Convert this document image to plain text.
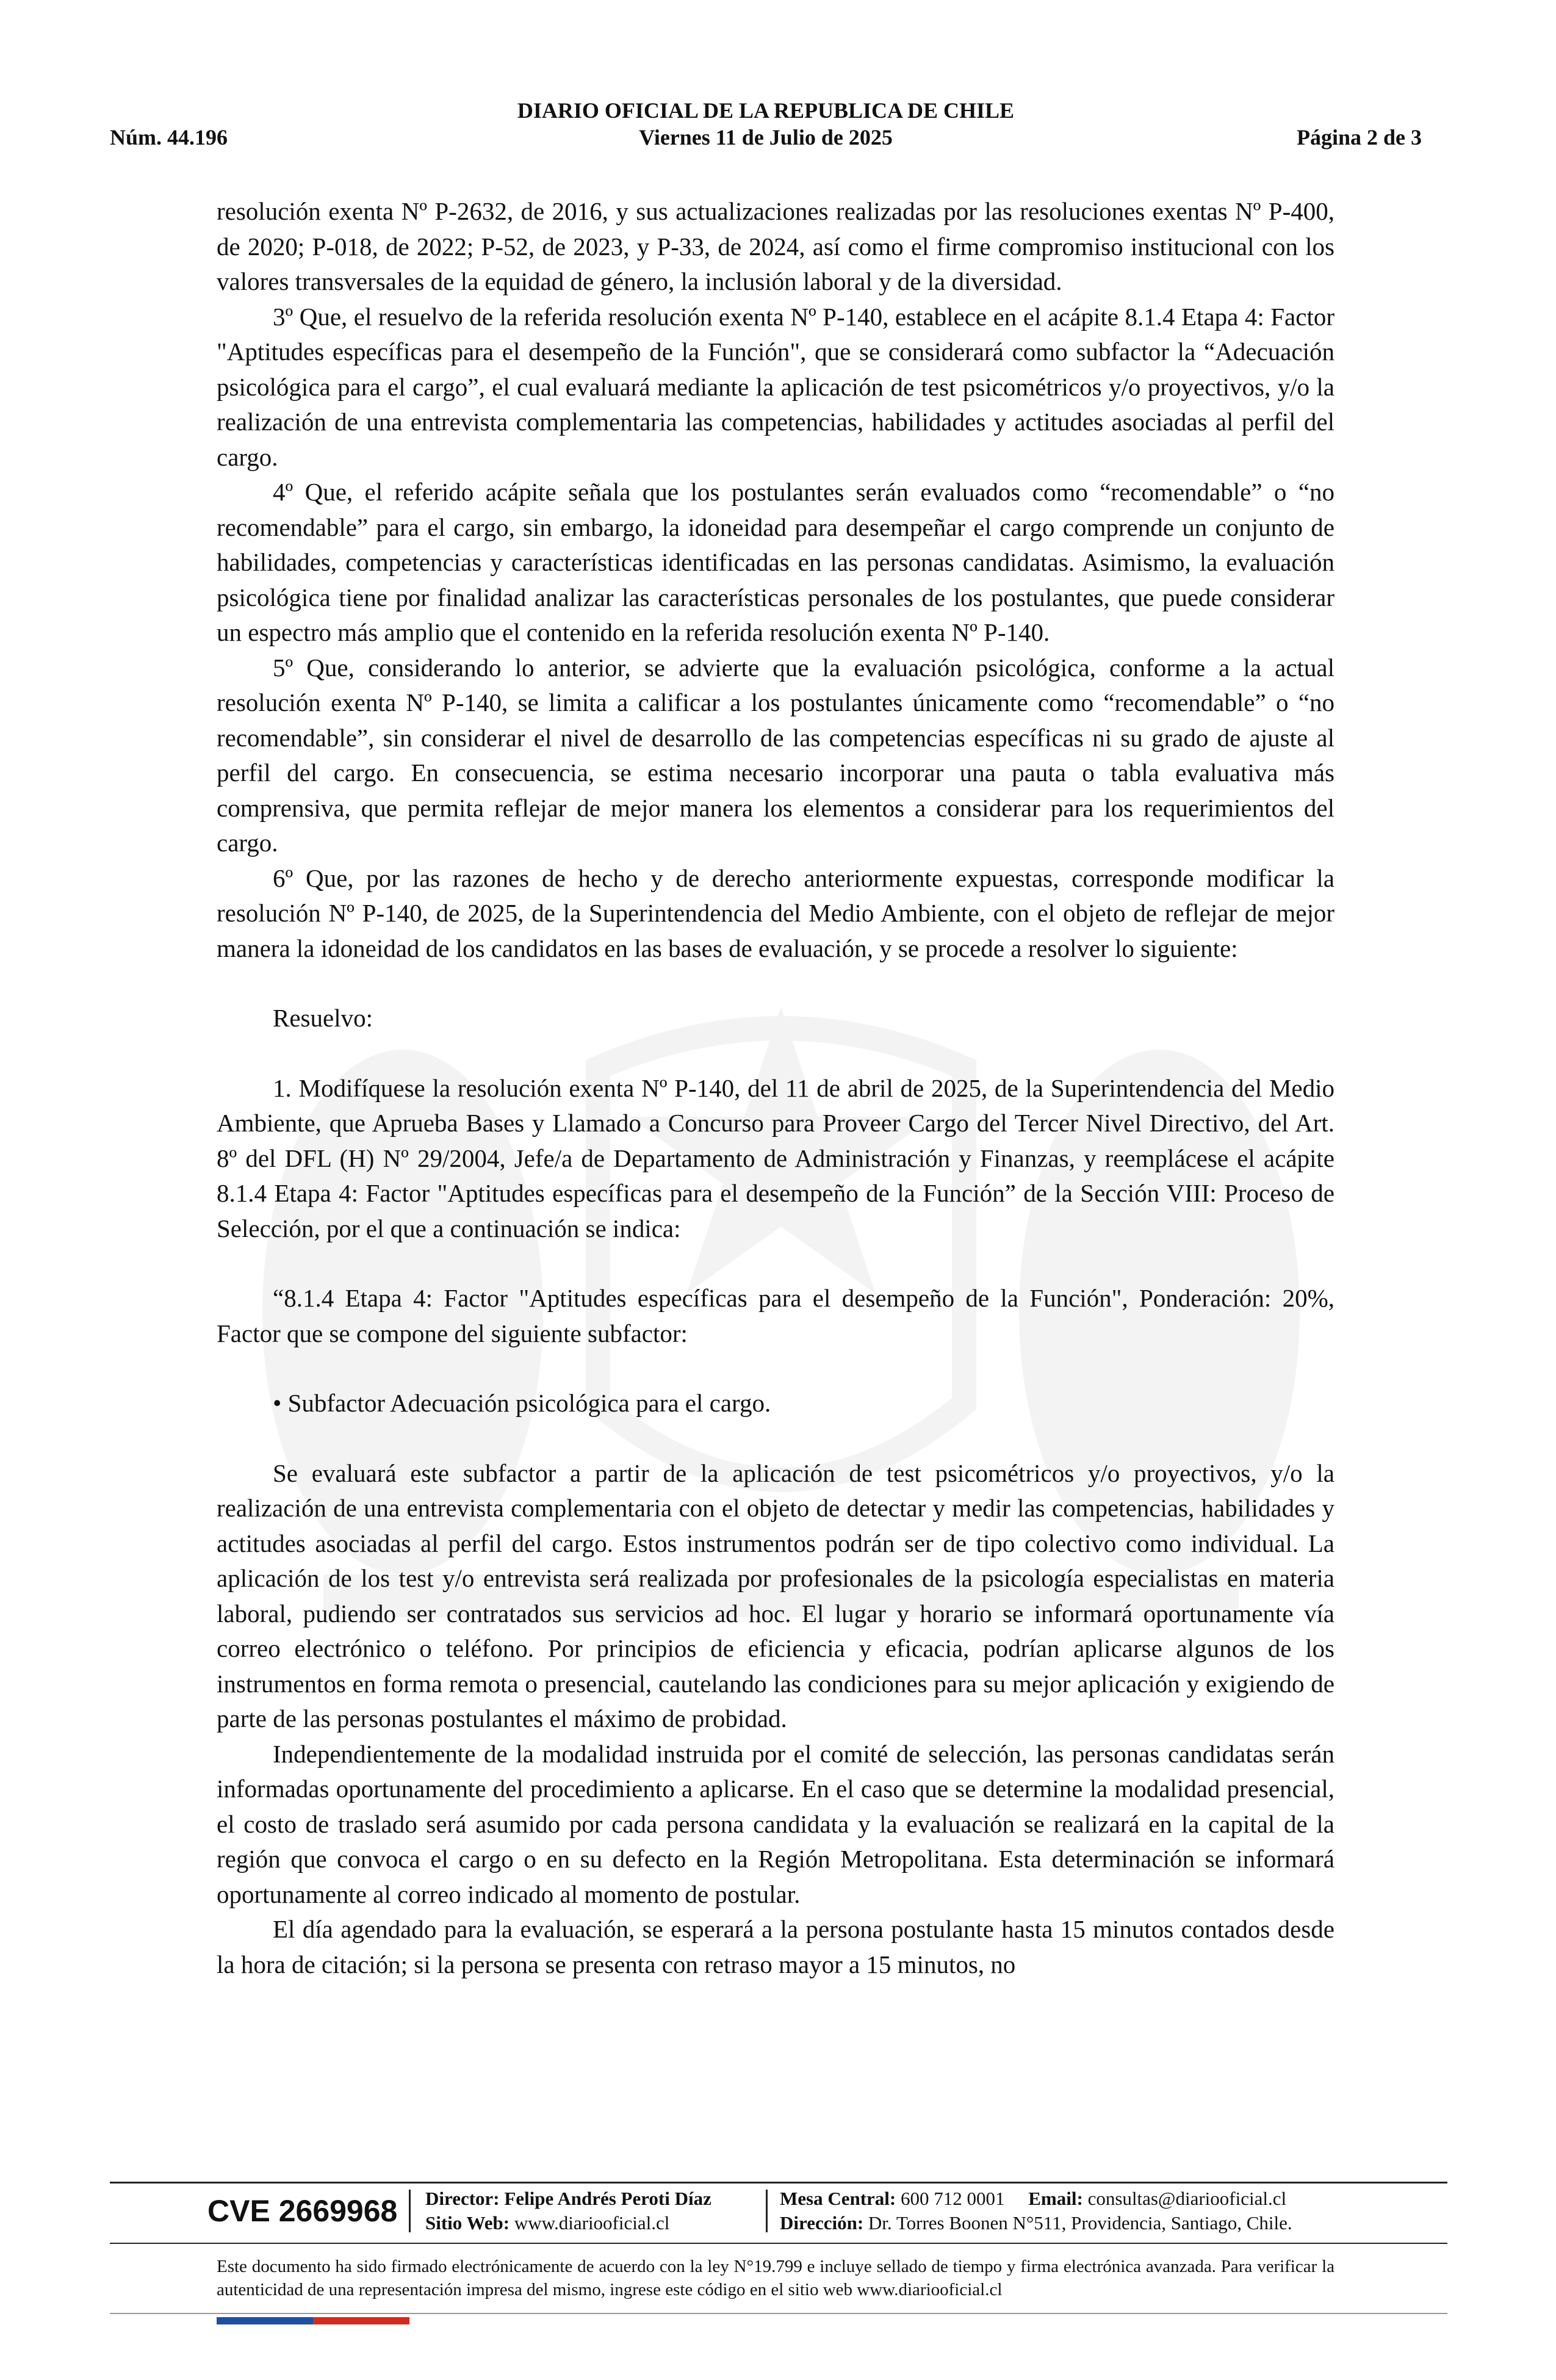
DIARIO OFICIAL DE LA REPUBLICA DE CHILE
Núm. 44.196	Viernes 11 de Julio de 2025	Página 2 de 3

resolución exenta Nº P-2632, de 2016, y sus actualizaciones realizadas por las resoluciones exentas Nº P-400, de 2020; P-018, de 2022; P-52, de 2023, y P-33, de 2024, así como el firme compromiso institucional con los valores transversales de la equidad de género, la inclusión laboral y de la diversidad.

3º Que, el resuelvo de la referida resolución exenta Nº P-140, establece en el acápite 8.1.4 Etapa 4: Factor "Aptitudes específicas para el desempeño de la Función", que se considerará como subfactor la “Adecuación psicológica para el cargo”, el cual evaluará mediante la aplicación de test psicométricos y/o proyectivos, y/o la realización de una entrevista complementaria las competencias, habilidades y actitudes asociadas al perfil del cargo.

4º Que, el referido acápite señala que los postulantes serán evaluados como “recomendable” o “no recomendable” para el cargo, sin embargo, la idoneidad para desempeñar el cargo comprende un conjunto de habilidades, competencias y características identificadas en las personas candidatas. Asimismo, la evaluación psicológica tiene por finalidad analizar las características personales de los postulantes, que puede considerar un espectro más amplio que el contenido en la referida resolución exenta Nº P-140.

5º Que, considerando lo anterior, se advierte que la evaluación psicológica, conforme a la actual resolución exenta Nº P-140, se limita a calificar a los postulantes únicamente como “recomendable” o “no recomendable”, sin considerar el nivel de desarrollo de las competencias específicas ni su grado de ajuste al perfil del cargo. En consecuencia, se estima necesario incorporar una pauta o tabla evaluativa más comprensiva, que permita reflejar de mejor manera los elementos a considerar para los requerimientos del cargo.

6º Que, por las razones de hecho y de derecho anteriormente expuestas, corresponde modificar la resolución Nº P-140, de 2025, de la Superintendencia del Medio Ambiente, con el objeto de reflejar de mejor manera la idoneidad de los candidatos en las bases de evaluación, y se procede a resolver lo siguiente:

Resuelvo:

1. Modifíquese la resolución exenta Nº P-140, del 11 de abril de 2025, de la Superintendencia del Medio Ambiente, que Aprueba Bases y Llamado a Concurso para Proveer Cargo del Tercer Nivel Directivo, del Art. 8º del DFL (H) Nº 29/2004, Jefe/a de Departamento de Administración y Finanzas, y reemplácese el acápite 8.1.4 Etapa 4: Factor "Aptitudes específicas para el desempeño de la Función” de la Sección VIII: Proceso de Selección, por el que a continuación se indica:

“8.1.4 Etapa 4: Factor "Aptitudes específicas para el desempeño de la Función", Ponderación: 20%, Factor que se compone del siguiente subfactor:

• Subfactor Adecuación psicológica para el cargo.

Se evaluará este subfactor a partir de la aplicación de test psicométricos y/o proyectivos, y/o la realización de una entrevista complementaria con el objeto de detectar y medir las competencias, habilidades y actitudes asociadas al perfil del cargo. Estos instrumentos podrán ser de tipo colectivo como individual. La aplicación de los test y/o entrevista será realizada por profesionales de la psicología especialistas en materia laboral, pudiendo ser contratados sus servicios ad hoc. El lugar y horario se informará oportunamente vía correo electrónico o teléfono. Por principios de eficiencia y eficacia, podrían aplicarse algunos de los instrumentos en forma remota o presencial, cautelando las condiciones para su mejor aplicación y exigiendo de parte de las personas postulantes el máximo de probidad.

Independientemente de la modalidad instruida por el comité de selección, las personas candidatas serán informadas oportunamente del procedimiento a aplicarse. En el caso que se determine la modalidad presencial, el costo de traslado será asumido por cada persona candidata y la evaluación se realizará en la capital de la región que convoca el cargo o en su defecto en la Región Metropolitana. Esta determinación se informará oportunamente al correo indicado al momento de postular.

El día agendado para la evaluación, se esperará a la persona postulante hasta 15 minutos contados desde la hora de citación; si la persona se presenta con retraso mayor a 15 minutos, no

CVE 2669968	Director: Felipe Andrés Peroti Díaz
Sitio Web: www.diariooficial.cl
Mesa Central: 600 712 0001 Email: consultas@diariooficial.cl
Dirección: Dr. Torres Boonen N°511, Providencia, Santiago, Chile.
Este documento ha sido firmado electrónicamente de acuerdo con la ley N°19.799 e incluye sellado de tiempo y firma electrónica avanzada. Para verificar la autenticidad de una representación impresa del mismo, ingrese este código en el sitio web www.diariooficial.cl
